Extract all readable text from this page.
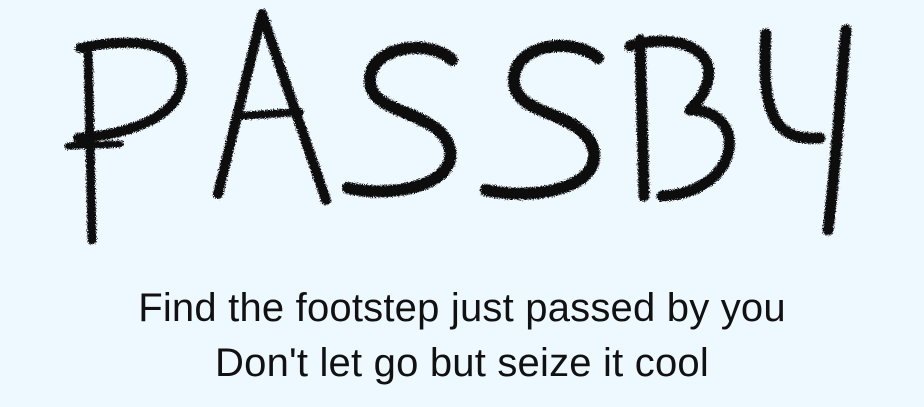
Find the footstep just passed by you
Don't let go but seize it cool
